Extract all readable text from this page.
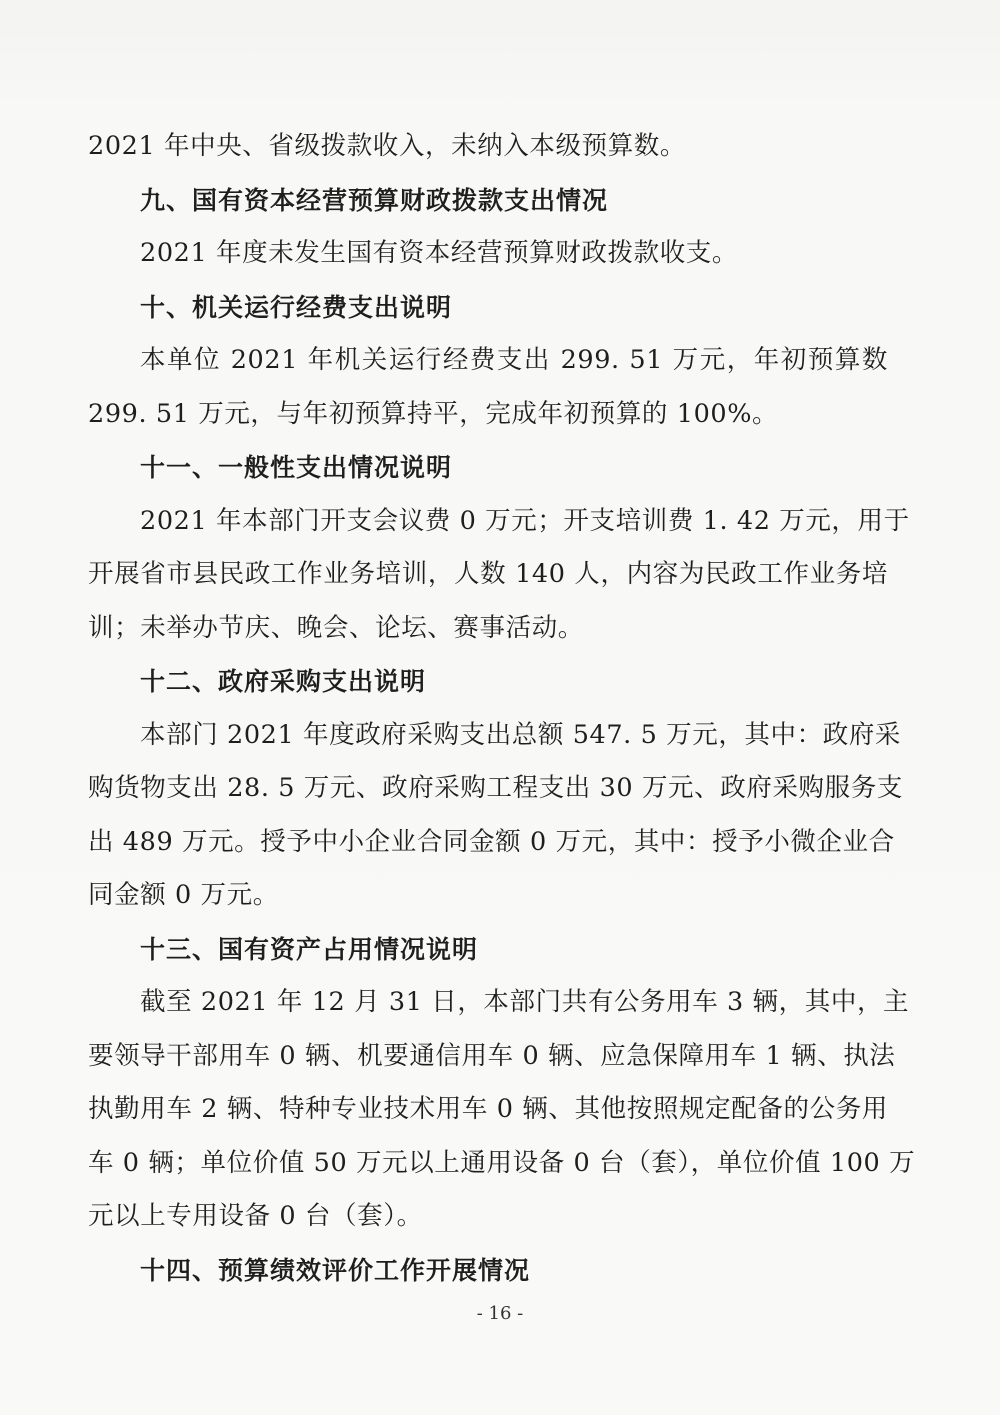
2021 年中央、省级拨款收入，未纳入本级预算数。
九、国有资本经营预算财政拨款支出情况
2021 年度未发生国有资本经营预算财政拨款收支。
十、机关运行经费支出说明
本单位 2021 年机关运行经费支出 299. 51 万元，年初预算数
299. 51 万元，与年初预算持平，完成年初预算的 100%。
十一、一般性支出情况说明
2021 年本部门开支会议费 0 万元；开支培训费 1. 42 万元，用于
开展省市县民政工作业务培训，人数 140 人，内容为民政工作业务培
训；未举办节庆、晚会、论坛、赛事活动。
十二、政府采购支出说明
本部门 2021 年度政府采购支出总额 547. 5 万元，其中：政府采
购货物支出 28. 5 万元、政府采购工程支出 30 万元、政府采购服务支
出 489 万元。授予中小企业合同金额 0 万元，其中：授予小微企业合
同金额 0 万元。
十三、国有资产占用情况说明
截至 2021 年 12 月 31 日，本部门共有公务用车 3 辆，其中，主
要领导干部用车 0 辆、机要通信用车 0 辆、应急保障用车 1 辆、执法
执勤用车 2 辆、特种专业技术用车 0 辆、其他按照规定配备的公务用
车 0 辆；单位价值 50 万元以上通用设备 0 台（套），单位价值 100 万
元以上专用设备 0 台（套）。
十四、预算绩效评价工作开展情况
- 16 -
